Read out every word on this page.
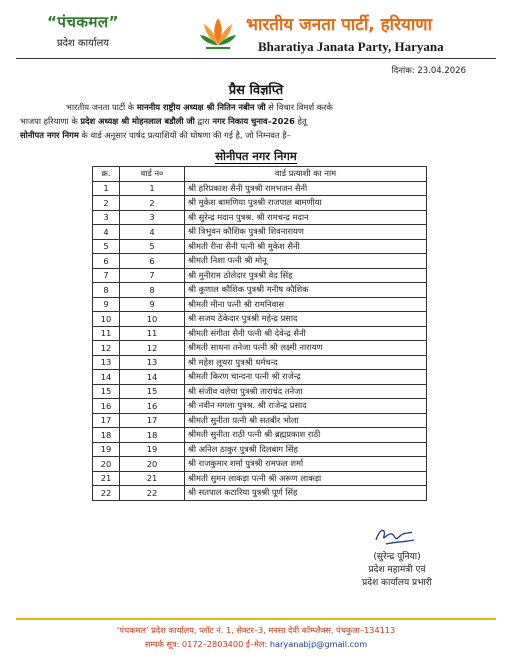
“पंचकमल”
प्रदेश कार्यालय
भारतीय जनता पार्टी, हरियाणा
Bharatiya Janata Party, Haryana
दिनांक: 23.04.2026
प्रैस विज्ञप्ति

भारतीय जनता पार्टी के माननीय राष्ट्रीय अध्यक्ष श्री नितिन नबीन जी से विचार विमर्श करके

भाजपा हरियाणा के प्रदेश अध्यक्ष श्री मोहनलाल बडौली जी द्वारा नगर निकाय चुनाव–2026 हेतू

सोनीपत नगर निगम के वार्ड अनुसार पार्षद प्रत्याशियों की घोषणा की गई है, जो निम्नवत है–

सोनीपत नगर निगम
क्र.	वार्ड न०	वार्ड प्रत्याशी का नाम
1	1	श्री हरिप्रकाश सैनी पुत्रश्री रामभजन सैनी
2	2	श्री मुकेश बामणिया पुत्रश्री राजपाल बामणीया
3	3	श्री सुरेन्द्र मदान पुत्रश्र. श्री रामचन्द्र मदान
4	4	श्री त्रिभुवन कौशिक पुत्रश्री शिवनारायण
5	5	श्रीमती रीना सैनी पत्नी श्री मुकेश सैनी
6	6	श्रीमती निशा पत्नी श्री मोनू
7	7	श्री मुनीराम ठोलेदार पुत्रश्री वेद सिंह
8	8	श्री कुणाल कौशिक पुत्रश्री मनीष कौशिक
9	9	श्रीमती मीना पत्नी श्री रामनिवास
10	10	श्री सजय ठेकेदार पुत्रश्री महेन्द्र प्रसाद
11	11	श्रीमती संगीता सैनी पत्नी श्री देवेन्द्र सैनी
12	12	श्रीमती साधना तनेजा पत्नी श्री लक्ष्मी नारायण
13	13	श्री महेश लूथरा पुत्रश्री धर्मचन्द
14	14	श्रीमती किरण चान्दना पत्नी श्री राजेन्द्र
15	15	श्री संजीव वलेचा पुत्रश्री ताराचंद तनेजा
16	16	श्री नवीन मगला पुत्रश्र. श्री राजेन्द्र प्रसाद
17	17	श्रीमती सुनीता पत्नी श्री सतबीर भोला
18	18	श्रीमती सुनीता राठी पत्नी श्री ब्रह्मप्रकाश राठी
19	19	श्री अनिल ठाकुर पुत्रश्री दिलबाग सिंह
20	20	श्री राजकुमार शर्मा पुत्रश्री रामफल शर्मा
21	21	श्रीमती सुमन लाकड़ा पत्नी श्री अरूण लाकड़ा
22	22	श्री सतपाल कटारिया पुत्रश्री पूर्ण सिंह
(सुरेन्द्र पूनिया)
प्रदेश महामंत्री एवं
प्रदेश कार्यालय प्रभारी
‘पंचकमल’ प्रदेश कार्यालय, प्लॉट नं. 1, सेक्टर–3, मनसा देवी कॉम्प्लैक्स, पंचकुला–134113
सम्पर्क सूत्र: 0172–2803400 ई–मेल: haryanabjp@gmail.com
